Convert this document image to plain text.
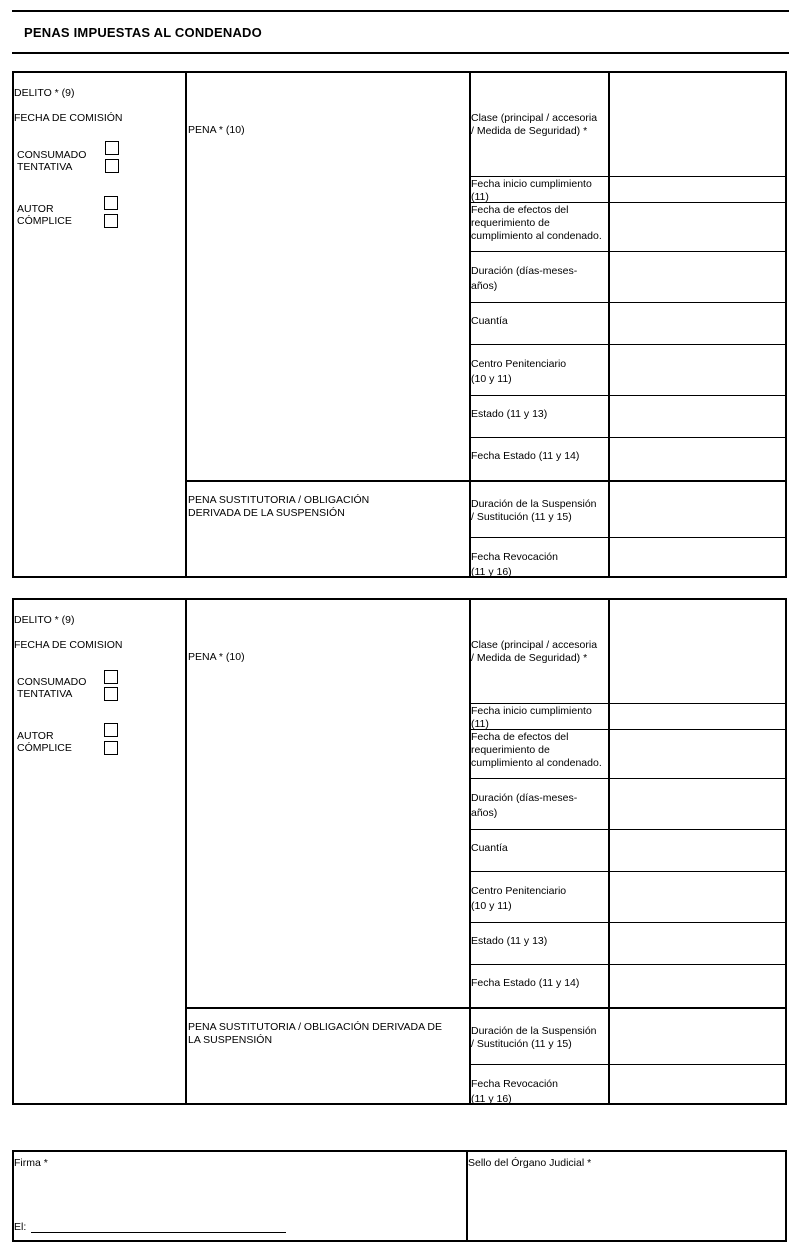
PENAS IMPUESTAS AL CONDENADO
DELITO * (9)
FECHA DE COMISIÓN
CONSUMADO
TENTATIVA
AUTOR
CÓMPLICE
PENA * (10)
PENA SUSTITUTORIA / OBLIGACIÓN
DERIVADA DE LA SUSPENSIÓN
Clase (principal / accesoria
/ Medida de Seguridad) *
Fecha inicio cumplimiento
(11)
Fecha de efectos del
requerimiento de
cumplimiento al condenado.
Duración (días-meses-
años)
Cuantía
Centro Penitenciario
(10 y 11)
Estado (11 y 13)
Fecha Estado (11 y 14)
Duración de la Suspensión
/ Sustitución (11 y 15)
Fecha Revocación
(11 y 16)
DELITO * (9)
FECHA DE COMISION
CONSUMADO
TENTATIVA
AUTOR
CÓMPLICE
PENA * (10)
PENA SUSTITUTORIA / OBLIGACIÓN DERIVADA DE
LA SUSPENSIÓN
Clase (principal / accesoria
/ Medida de Seguridad) *
Fecha inicio cumplimiento
(11)
Fecha de efectos del
requerimiento de
cumplimiento al condenado.
Duración (días-meses-
años)
Cuantía
Centro Penitenciario
(10 y 11)
Estado (11 y 13)
Fecha Estado (11 y 14)
Duración de la Suspensión
/ Sustitución (11 y 15)
Fecha Revocación
(11 y 16)
Firma *
El:
Sello del Órgano Judicial *
